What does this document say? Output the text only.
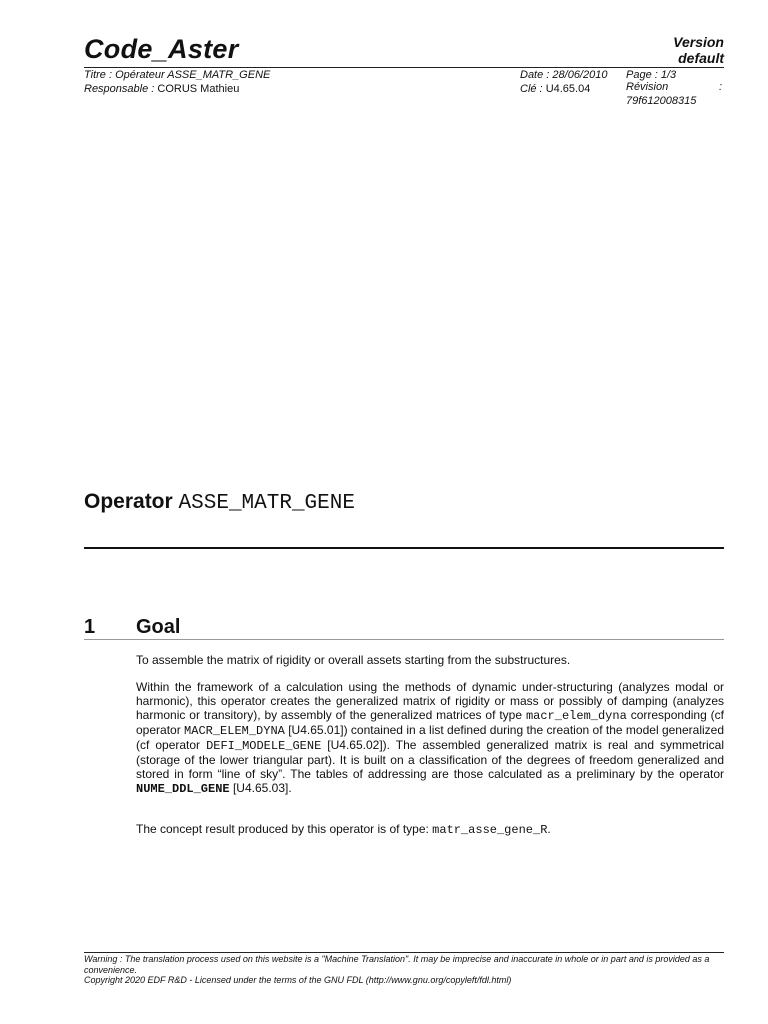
Code_Aster	Version
default
Titre : Opérateur ASSE_MATR_GENE
Responsable : CORUS Mathieu
Date : 28/06/2010
Clé : U4.65.04
Page : 1/3
Révision	:
79f612008315
Operator ASSE_MATR_GENE
1 Goal
To assemble the matrix of rigidity or overall assets starting from the substructures.
Within the framework of a calculation using the methods of dynamic under-structuring (analyzes modal or harmonic), this operator creates the generalized matrix of rigidity or mass or possibly of damping (analyzes harmonic or transitory), by assembly of the generalized matrices of type macr_elem_dyna corresponding (cf operator MACR_ELEM_DYNA [U4.65.01]) contained in a list defined during the creation of the model generalized (cf operator DEFI_MODELE_GENE [U4.65.02]). The assembled generalized matrix is real and symmetrical (storage of the lower triangular part). It is built on a classification of the degrees of freedom generalized and stored in form “line of sky”. The tables of addressing are those calculated as a preliminary by the operator NUME_DDL_GENE [U4.65.03].
The concept result produced by this operator is of type: matr_asse_gene_R.
Warning : The translation process used on this website is a "Machine Translation". It may be imprecise and inaccurate in whole or in part and is provided as a convenience.
Copyright 2020 EDF R&D - Licensed under the terms of the GNU FDL (http://www.gnu.org/copyleft/fdl.html)
